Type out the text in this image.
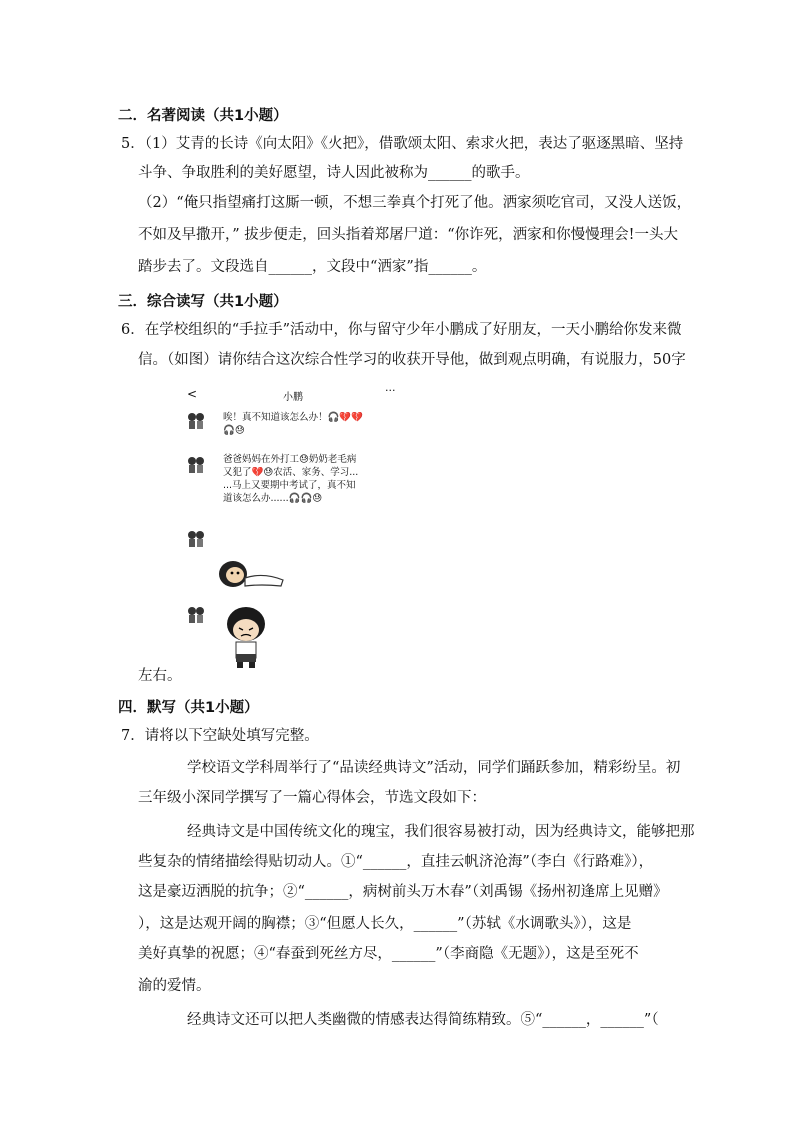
二．名著阅读（共1小题）
5．（1）艾青的长诗《向太阳》《火把》，借歌颂太阳、索求火把，表达了驱逐黑暗、坚持
斗争、争取胜利的美好愿望，诗人因此被称为______的歌手。
（2）“俺只指望痛打这厮一顿，不想三拳真个打死了他。洒家须吃官司，又没人送饭，
不如及早撒开，” 拔步便走，回头指着郑屠尸道：“你诈死，洒家和你慢慢理会!一头大
踏步去了。文段选自______，文段中“洒家”指______。
三．综合读写（共1小题）
6．在学校组织的“手拉手”活动中，你与留守少年小鹏成了好朋友，一天小鹏给你发来微
信。（如图）请你结合这次综合性学习的收获开导他，做到观点明确，有说服力，50字
<	小鹏
···
唉！真不知道该怎么办！🎧💔💔
🎧😓
爸爸妈妈在外打工😓奶奶老毛病
又犯了💔😓农活、家务、学习...
...马上又要期中考试了，真不知
道该怎么办......🎧🎧😓
左右。
四．默写（共1小题）
7．请将以下空缺处填写完整。
学校语文学科周举行了“品读经典诗文”活动，同学们踊跃参加，精彩纷呈。初
三年级小深同学撰写了一篇心得体会，节选文段如下：
经典诗文是中国传统文化的瑰宝，我们很容易被打动，因为经典诗文，能够把那
些复杂的情绪描绘得贴切动人。①“______，直挂云帆济沧海”（李白《行路难》），
这是豪迈洒脱的抗争；②“______，病树前头万木春”（刘禹锡《扬州初逢席上见赠》
），这是达观开阔的胸襟；③“但愿人长久，______”（苏轼《水调歌头》），这是
美好真挚的祝愿；④“春蚕到死丝方尽，______”（李商隐《无题》），这是至死不
渝的爱情。
经典诗文还可以把人类幽微的情感表达得简练精致。⑤“______，______”（
